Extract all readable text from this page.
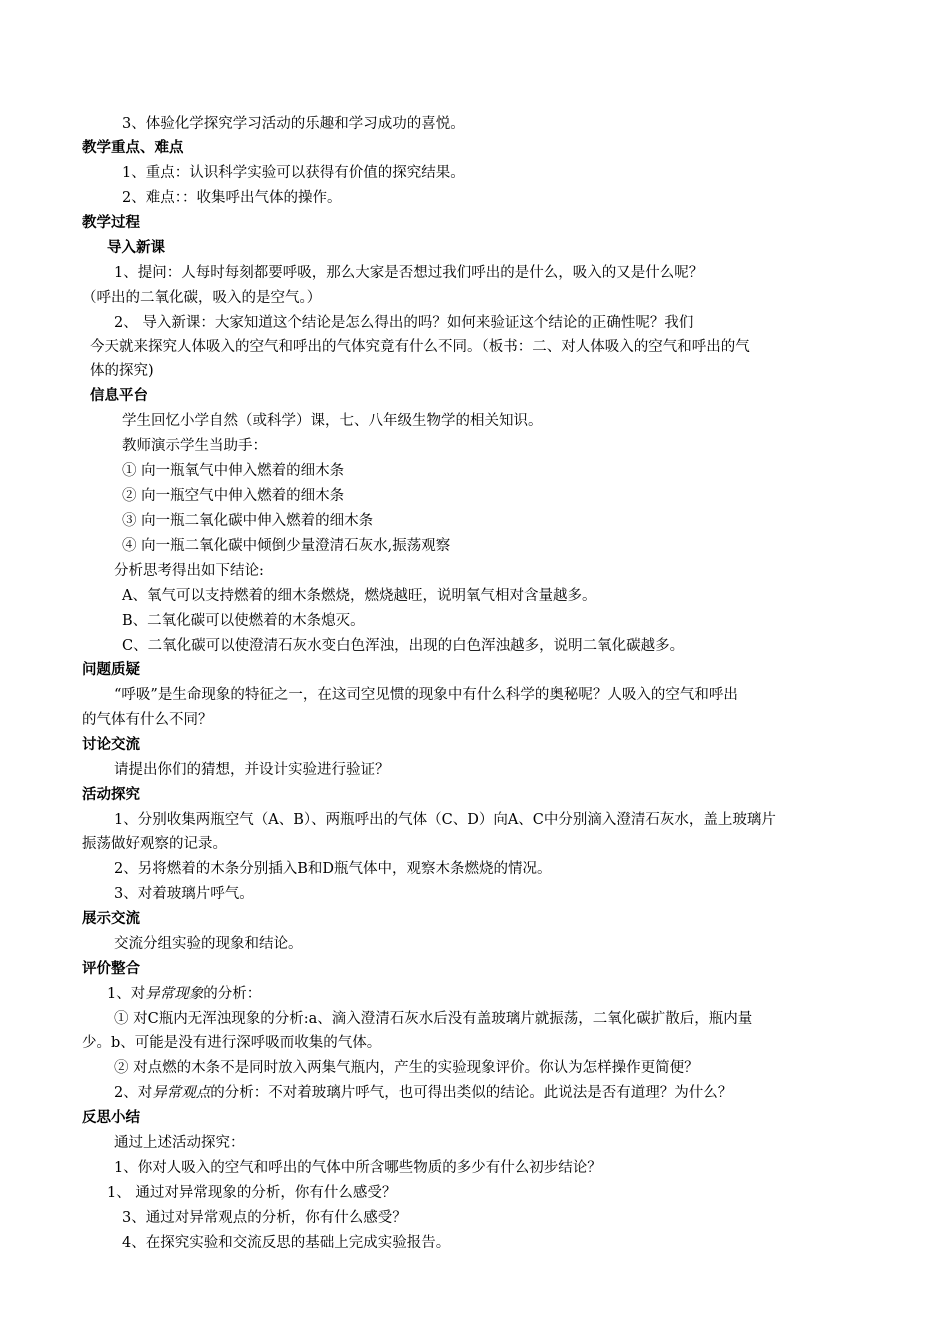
3、体验化学探究学习活动的乐趣和学习成功的喜悦。
教学重点、难点
1、重点：认识科学实验可以获得有价值的探究结果。
2、难点：：收集呼出气体的操作。
教学过程
导入新课
1、提问：人每时每刻都要呼吸，那么大家是否想过我们呼出的是什么，吸入的又是什么呢？
（呼出的二氧化碳，吸入的是空气。）
2、 导入新课：大家知道这个结论是怎么得出的吗？如何来验证这个结论的正确性呢？我们
今天就来探究人体吸入的空气和呼出的气体究竟有什么不同。（板书：二、对人体吸入的空气和呼出的气
体的探究)
信息平台
学生回忆小学自然（或科学）课，七、八年级生物学的相关知识。
教师演示学生当助手：
① 向一瓶氧气中伸入燃着的细木条
② 向一瓶空气中伸入燃着的细木条
③ 向一瓶二氧化碳中伸入燃着的细木条
④ 向一瓶二氧化碳中倾倒少量澄清石灰水,振荡观察
分析思考得出如下结论:
A、氧气可以支持燃着的细木条燃烧，燃烧越旺，说明氧气相对含量越多。
B、二氧化碳可以使燃着的木条熄灭。
C、二氧化碳可以使澄清石灰水变白色浑浊，出现的白色浑浊越多，说明二氧化碳越多。
问题质疑
“呼吸”是生命现象的特征之一，在这司空见惯的现象中有什么科学的奥秘呢？人吸入的空气和呼出
的气体有什么不同？
讨论交流
请提出你们的猜想，并设计实验进行验证？
活动探究
1、分别收集两瓶空气（A、B）、两瓶呼出的气体（C、D）向A、C中分别滴入澄清石灰水，盖上玻璃片
振荡做好观察的记录。
2、另将燃着的木条分别插入B和D瓶气体中，观察木条燃烧的情况。
3、对着玻璃片呼气。
展示交流
交流分组实验的现象和结论。
评价整合
1、对异常现象的分析：
① 对C瓶内无浑浊现象的分析:a、滴入澄清石灰水后没有盖玻璃片就振荡，二氧化碳扩散后，瓶内量
少。b、可能是没有进行深呼吸而收集的气体。
② 对点燃的木条不是同时放入两集气瓶内，产生的实验现象评价。你认为怎样操作更简便？
2、对异常观点的分析：不对着玻璃片呼气，也可得出类似的结论。此说法是否有道理？为什么？
反思小结
通过上述活动探究：
1、你对人吸入的空气和呼出的气体中所含哪些物质的多少有什么初步结论？
1、 通过对异常现象的分析，你有什么感受？
3、通过对异常观点的分析，你有什么感受？
4、在探究实验和交流反思的基础上完成实验报告。
